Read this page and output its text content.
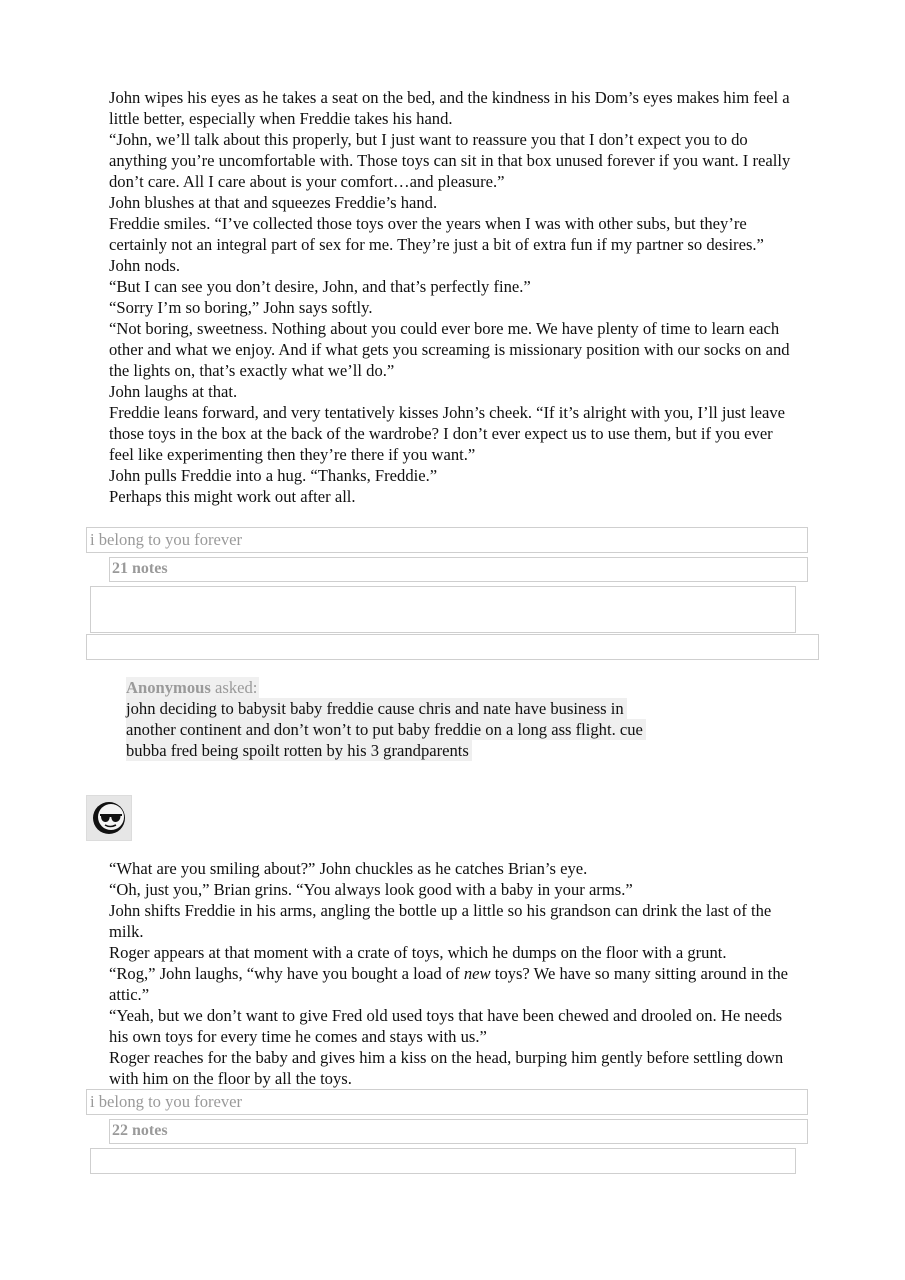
John wipes his eyes as he takes a seat on the bed, and the kindness in his Dom’s eyes makes him feel a little better, especially when Freddie takes his hand.

“John, we’ll talk about this properly, but I just want to reassure you that I don’t expect you to do anything you’re uncomfortable with. Those toys can sit in that box unused forever if you want. I really don’t care. All I care about is your comfort…and pleasure.”

John blushes at that and squeezes Freddie’s hand.

Freddie smiles. “I’ve collected those toys over the years when I was with other subs, but they’re certainly not an integral part of sex for me. They’re just a bit of extra fun if my partner so desires.”

John nods.

“But I can see you don’t desire, John, and that’s perfectly fine.”

“Sorry I’m so boring,” John says softly.

“Not boring, sweetness. Nothing about you could ever bore me. We have plenty of time to learn each other and what we enjoy. And if what gets you screaming is missionary position with our socks on and the lights on, that’s exactly what we’ll do.”

John laughs at that.

Freddie leans forward, and very tentatively kisses John’s cheek. “If it’s alright with you, I’ll just leave those toys in the box at the back of the wardrobe? I don’t ever expect us to use them, but if you ever feel like experimenting then they’re there if you want.”

John pulls Freddie into a hug. “Thanks, Freddie.”

Perhaps this might work out after all.

i belong to you forever
21 notes
Anonymous asked:

john deciding to babysit baby freddie cause chris and nate have business in

another continent and don’t won’t to put baby freddie on a long ass flight. cue

bubba fred being spoilt rotten by his 3 grandparents

“What are you smiling about?” John chuckles as he catches Brian’s eye.

“Oh, just you,” Brian grins. “You always look good with a baby in your arms.”

John shifts Freddie in his arms, angling the bottle up a little so his grandson can drink the last of the milk.

Roger appears at that moment with a crate of toys, which he dumps on the floor with a grunt.

“Rog,” John laughs, “why have you bought a load of new toys? We have so many sitting around in the attic.”

“Yeah, but we don’t want to give Fred old used toys that have been chewed and drooled on. He needs his own toys for every time he comes and stays with us.”

Roger reaches for the baby and gives him a kiss on the head, burping him gently before settling down with him on the floor by all the toys.

i belong to you forever
22 notes
